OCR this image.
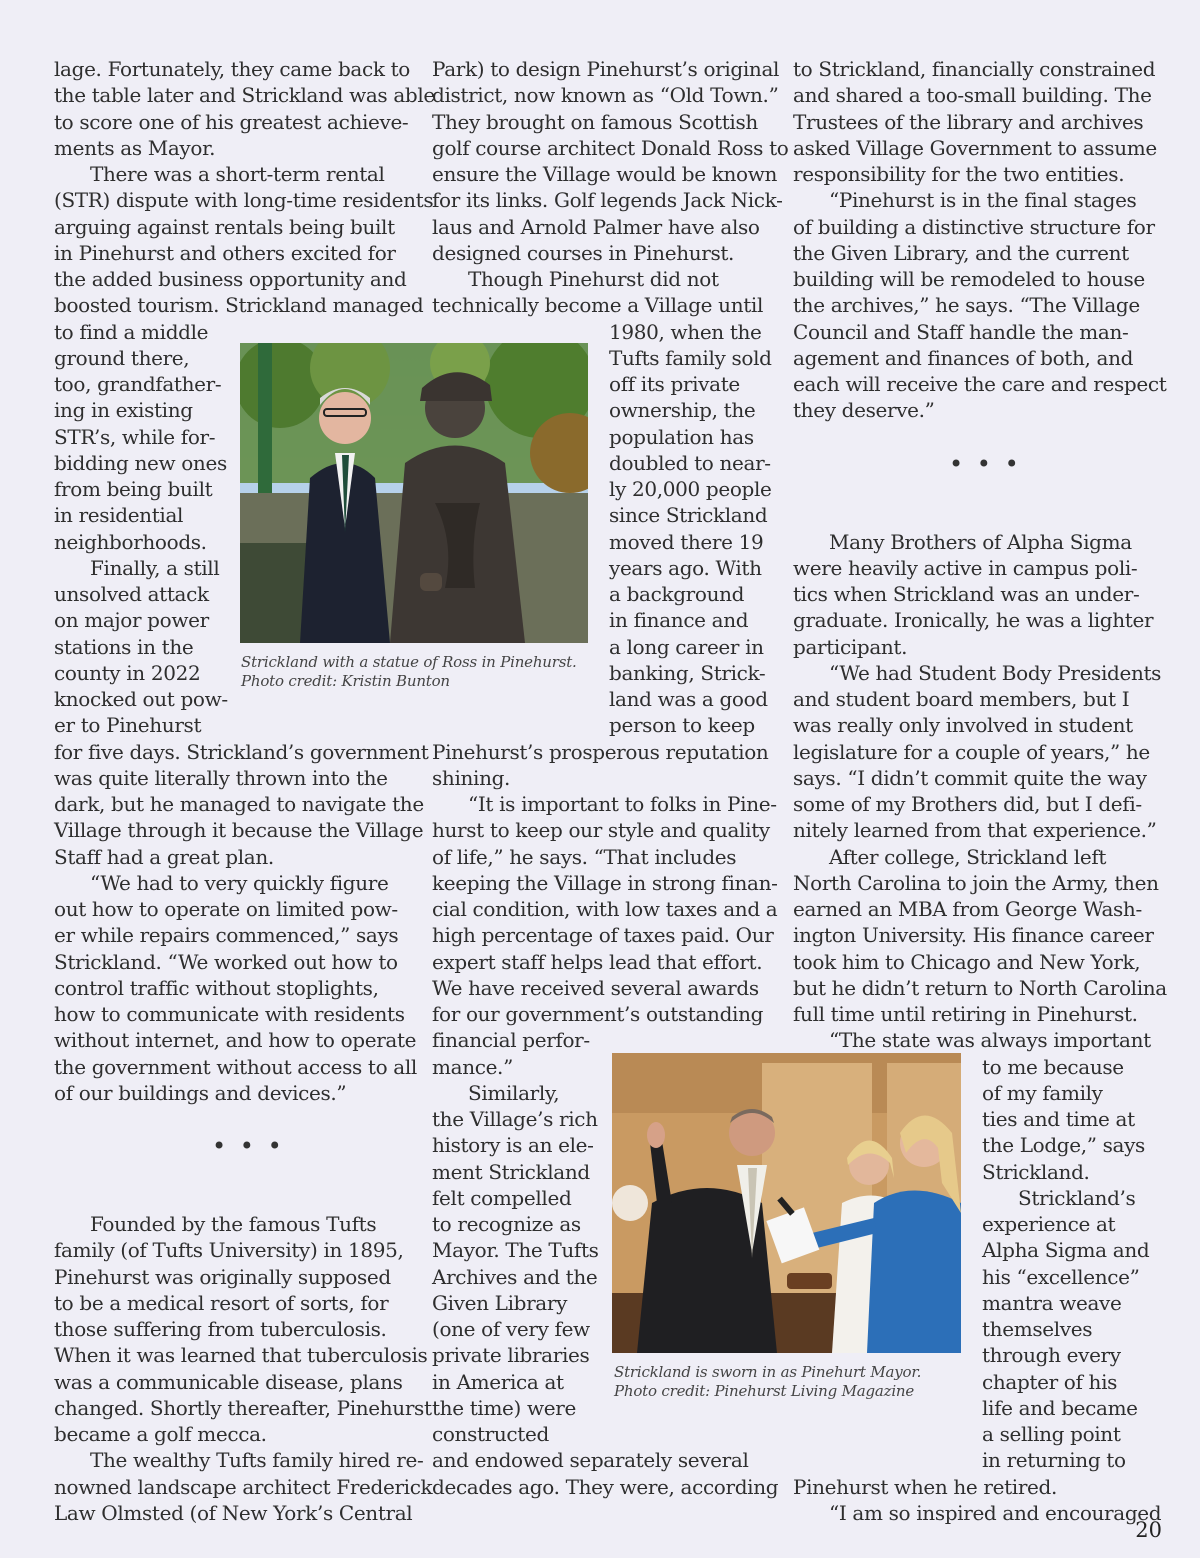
lage. Fortunately, they came back to
the table later and Strickland was able
to score one of his greatest achieve-
ments as Mayor.
There was a short-term rental
(STR) dispute with long-time residents
arguing against rentals being built
in Pinehurst and others excited for
the added business opportunity and
boosted tourism. Strickland managed
to find a middle
ground there,
too, grandfather-
ing in existing
STR’s, while for-
bidding new ones
from being built
in residential
neighborhoods.
Finally, a still
unsolved attack
on major power
stations in the
county in 2022
knocked out pow-
er to Pinehurst
for five days. Strickland’s government
was quite literally thrown into the
dark, but he managed to navigate the
Village through it because the Village
Staff had a great plan.
“We had to very quickly figure
out how to operate on limited pow-
er while repairs commenced,” says
Strickland. “We worked out how to
control traffic without stoplights,
how to communicate with residents
without internet, and how to operate
the government without access to all
of our buildings and devices.”
Founded by the famous Tufts
family (of Tufts University) in 1895,
Pinehurst was originally supposed
to be a medical resort of sorts, for
those suffering from tuberculosis.
When it was learned that tuberculosis
was a communicable disease, plans
changed. Shortly thereafter, Pinehurst
became a golf mecca.
The wealthy Tufts family hired re-
nowned landscape architect Frederick
Law Olmsted (of New York’s Central
Park) to design Pinehurst’s original
district, now known as “Old Town.”
They brought on famous Scottish
golf course architect Donald Ross to
ensure the Village would be known
for its links. Golf legends Jack Nick-
laus and Arnold Palmer have also
designed courses in Pinehurst.
Though Pinehurst did not
technically become a Village until
1980, when the
Tufts family sold
off its private
ownership, the
population has
doubled to near-
ly 20,000 people
since Strickland
moved there 19
years ago. With
a background
in finance and
a long career in
banking, Strick-
land was a good
person to keep
Pinehurst’s prosperous reputation
shining.
“It is important to folks in Pine-
hurst to keep our style and quality
of life,” he says. “That includes
keeping the Village in strong finan-
cial condition, with low taxes and a
high percentage of taxes paid. Our
expert staff helps lead that effort.
We have received several awards
for our government’s outstanding
financial perfor-
mance.”
Similarly,
the Village’s rich
history is an ele-
ment Strickland
felt compelled
to recognize as
Mayor. The Tufts
Archives and the
Given Library
(one of very few
private libraries
in America at
the time) were
constructed
and endowed separately several
decades ago. They were, according
to Strickland, financially constrained
and shared a too-small building. The
Trustees of the library and archives
asked Village Government to assume
responsibility for the two entities.
“Pinehurst is in the final stages
of building a distinctive structure for
the Given Library, and the current
building will be remodeled to house
the archives,” he says. “The Village
Council and Staff handle the man-
agement and finances of both, and
each will receive the care and respect
they deserve.”
Many Brothers of Alpha Sigma
were heavily active in campus poli-
tics when Strickland was an under-
graduate. Ironically, he was a lighter
participant.
“We had Student Body Presidents
and student board members, but I
was really only involved in student
legislature for a couple of years,” he
says. “I didn’t commit quite the way
some of my Brothers did, but I defi-
nitely learned from that experience.”
After college, Strickland left
North Carolina to join the Army, then
earned an MBA from George Wash-
ington University. His finance career
took him to Chicago and New York,
but he didn’t return to North Carolina
full time until retiring in Pinehurst.
“The state was always important
to me because
of my family
ties and time at
the Lodge,” says
Strickland.
Strickland’s
experience at
Alpha Sigma and
his “excellence”
mantra weave
themselves
through every
chapter of his
life and became
a selling point
in returning to
Pinehurst when he retired.
“I am so inspired and encouraged
• • •
• • •
Strickland with a statue of Ross in Pinehurst.
Photo credit: Kristin Bunton
Strickland is sworn in as Pinehurt Mayor.
Photo credit: Pinehurst Living Magazine
20
